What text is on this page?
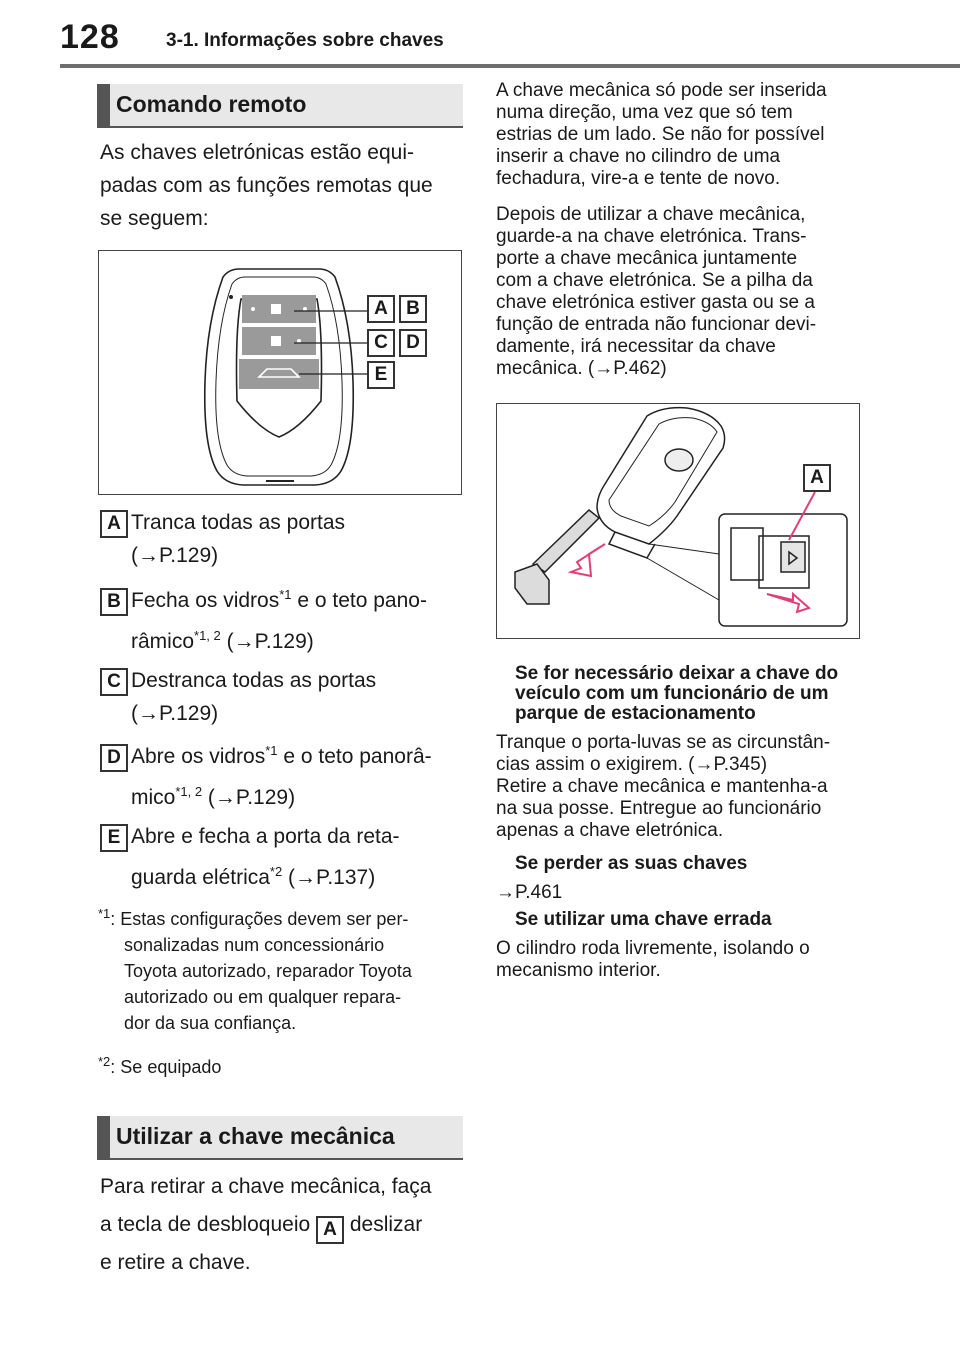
128 3-1. Informações sobre chaves
Comando remoto
As chaves eletrónicas estão equi-
padas com as funções remotas que
se seguem:
A B
C D
E
A Tranca todas as portas
(→P.129)
B Fecha os vidros$^{*1}$ e o teto pano-
râmico$^{*1, 2}$ (→P.129)
C Destranca todas as portas
(→P.129)
D Abre os vidros$^{*1}$ e o teto panorâ-
mico$^{*1, 2}$ (→P.129)
E Abre e fecha a porta da reta-
guarda elétrica$^{*2}$ (→P.137)
$^{*1}$: Estas configurações devem ser per-
sonalizadas num concessionário
Toyota autorizado, reparador Toyota
autorizado ou em qualquer repara-
dor da sua confiança.
$^{*2}$: Se equipado
Utilizar a chave mecânica
Para retirar a chave mecânica, faça
a tecla de desbloqueio A deslizar
e retire a chave.
A chave mecânica só pode ser inserida
numa direção, uma vez que só tem
estrias de um lado. Se não for possível
inserir a chave no cilindro de uma
fechadura, vire-a e tente de novo.
Depois de utilizar a chave mecânica,
guarde-a na chave eletrónica. Trans-
porte a chave mecânica juntamente
com a chave eletrónica. Se a pilha da
chave eletrónica estiver gasta ou se a
função de entrada não funcionar devi-
damente, irá necessitar da chave
mecânica. (→P.462)
A
Se for necessário deixar a chave do
veículo com um funcionário de um
parque de estacionamento
Tranque o porta-luvas se as circunstân-
cias assim o exigirem. (→P.345)
Retire a chave mecânica e mantenha-a
na sua posse. Entregue ao funcionário
apenas a chave eletrónica.
Se perder as suas chaves
→P.461
Se utilizar uma chave errada
O cilindro roda livremente, isolando o
mecanismo interior.
